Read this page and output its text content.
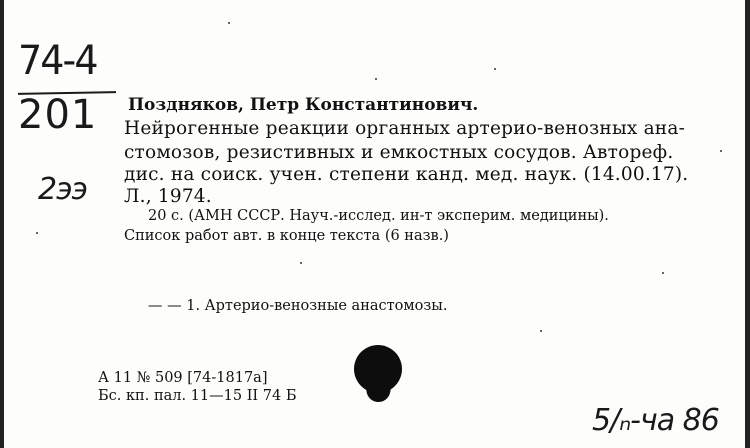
74-4
201
2ээ
Поздняков, Петр Константинович.
Нейрогенные реакции органных артерио-венозных ана-
стомозов, резистивных и емкостных сосудов. Автореф.
дис. на соиск. учен. степени канд. мед. наук. (14.00.17).
Л., 1974.
20 с. (АМН СССР. Науч.-исслед. ин-т эксперим. медицины).
Список работ авт. в конце текста (6 назв.)
— — 1. Артерио-венозные анастомозы.
А 11 № 509 [74-1817а]
Бс. кп. пал. 11—15 II 74 Б
5/ₙ-ча 86
